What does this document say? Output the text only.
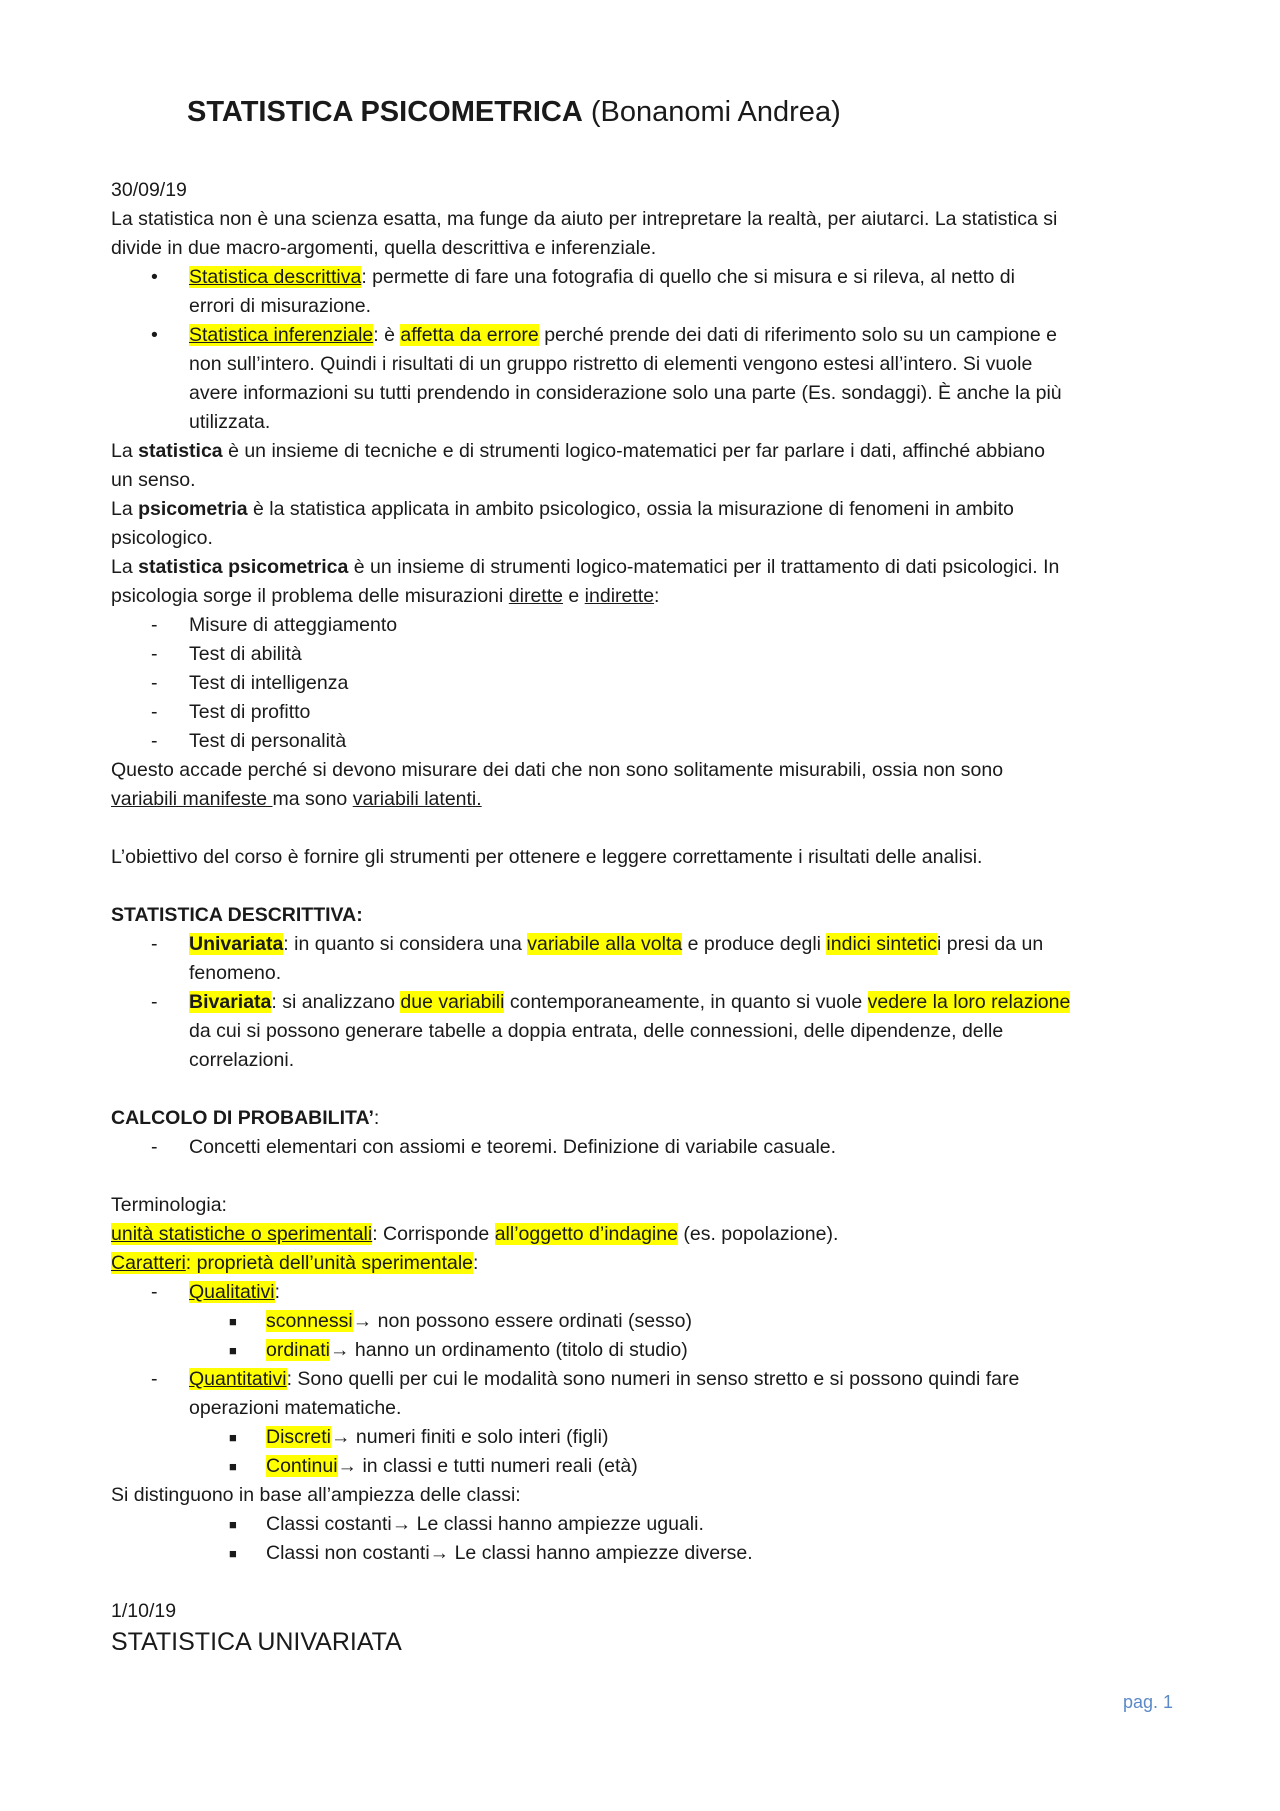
STATISTICA PSICOMETRICA (Bonanomi Andrea)
30/09/19
La statistica non è una scienza esatta, ma funge da aiuto per intrepretare la realtà, per aiutarci. La statistica si
divide in due macro-argomenti, quella descrittiva e inferenziale.
• Statistica descrittiva: permette di fare una fotografia di quello che si misura e si rileva, al netto di
errori di misurazione.
• Statistica inferenziale: è affetta da errore perché prende dei dati di riferimento solo su un campione e
non sull’intero. Quindi i risultati di un gruppo ristretto di elementi vengono estesi all’intero. Si vuole
avere informazioni su tutti prendendo in considerazione solo una parte (Es. sondaggi). È anche la più
utilizzata.
La statistica è un insieme di tecniche e di strumenti logico-matematici per far parlare i dati, affinché abbiano
un senso.
La psicometria è la statistica applicata in ambito psicologico, ossia la misurazione di fenomeni in ambito
psicologico.
La statistica psicometrica è un insieme di strumenti logico-matematici per il trattamento di dati psicologici. In
psicologia sorge il problema delle misurazioni dirette e indirette:
- Misure di atteggiamento
- Test di abilità
- Test di intelligenza
- Test di profitto
- Test di personalità
Questo accade perché si devono misurare dei dati che non sono solitamente misurabili, ossia non sono
variabili manifeste ma sono variabili latenti.
L’obiettivo del corso è fornire gli strumenti per ottenere e leggere correttamente i risultati delle analisi.
STATISTICA DESCRITTIVA:
- Univariata: in quanto si considera una variabile alla volta e produce degli indici sintetici presi da un
fenomeno.
- Bivariata: si analizzano due variabili contemporaneamente, in quanto si vuole vedere la loro relazione
da cui si possono generare tabelle a doppia entrata, delle connessioni, delle dipendenze, delle
correlazioni.
CALCOLO DI PROBABILITA’:
- Concetti elementari con assiomi e teoremi. Definizione di variabile casuale.
Terminologia:
unità statistiche o sperimentali: Corrisponde all’oggetto d’indagine (es. popolazione).
Caratteri: proprietà dell’unità sperimentale:
- Qualitativi:
■ sconnessi→ non possono essere ordinati (sesso)
■ ordinati→ hanno un ordinamento (titolo di studio)
- Quantitativi: Sono quelli per cui le modalità sono numeri in senso stretto e si possono quindi fare
operazioni matematiche.
■ Discreti→ numeri finiti e solo interi (figli)
■ Continui→ in classi e tutti numeri reali (età)
Si distinguono in base all’ampiezza delle classi:
■ Classi costanti→ Le classi hanno ampiezze uguali.
■ Classi non costanti→ Le classi hanno ampiezze diverse.
1/10/19
STATISTICA UNIVARIATA
pag. 1
